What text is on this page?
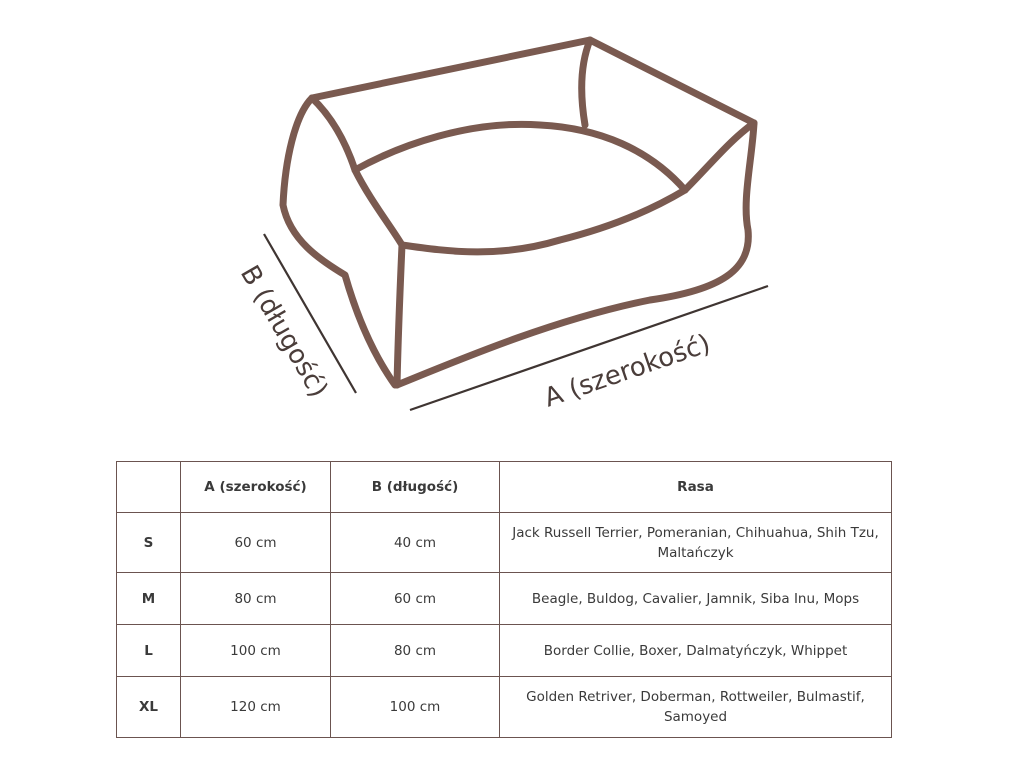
A (szerokość)
B (długość)
	A (szerokość)	B (długość)	Rasa
S	60 cm	40 cm	Jack Russell Terrier, Pomeranian, Chihuahua, Shih Tzu, Maltańczyk
M	80 cm	60 cm	Beagle, Buldog, Cavalier, Jamnik, Siba Inu, Mops
L	100 cm	80 cm	Border Collie, Boxer, Dalmatyńczyk, Whippet
XL	120 cm	100 cm	Golden Retriver, Doberman, Rottweiler, Bulmastif, Samoyed
